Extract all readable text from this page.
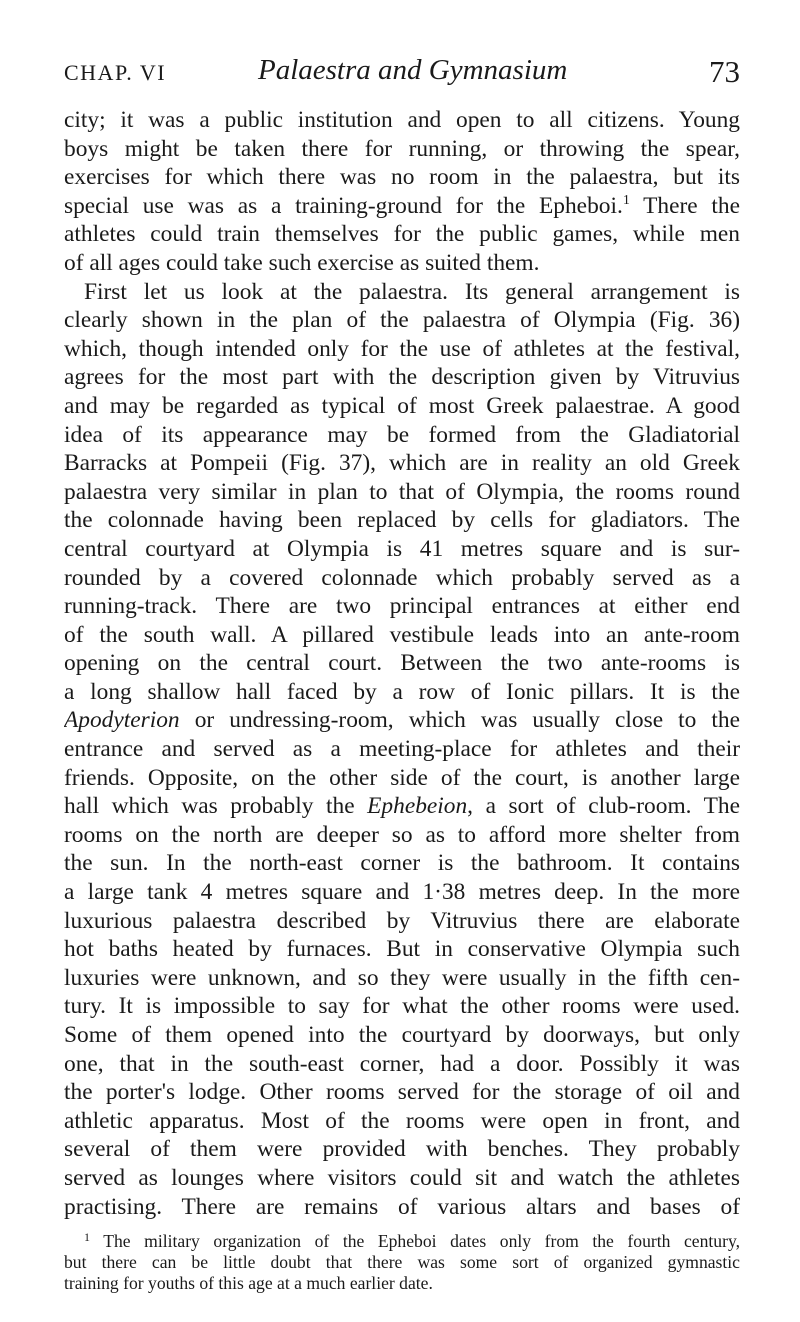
CHAP. VI	Palaestra and Gymnasium	73
city; it was a public institution and open to all citizens. Young
boys might be taken there for running, or throwing the spear,
exercises for which there was no room in the palaestra, but its
special use was as a training-ground for the Epheboi.$^1$ There the
athletes could train themselves for the public games, while men
of all ages could take such exercise as suited them.
First let us look at the palaestra. Its general arrangement is
clearly shown in the plan of the palaestra of Olympia (Fig. 36)
which, though intended only for the use of athletes at the festival,
agrees for the most part with the description given by Vitruvius
and may be regarded as typical of most Greek palaestrae. A good
idea of its appearance may be formed from the Gladiatorial
Barracks at Pompeii (Fig. 37), which are in reality an old Greek
palaestra very similar in plan to that of Olympia, the rooms round
the colonnade having been replaced by cells for gladiators. The
central courtyard at Olympia is 41 metres square and is sur-
rounded by a covered colonnade which probably served as a
running-track. There are two principal entrances at either end
of the south wall. A pillared vestibule leads into an ante-room
opening on the central court. Between the two ante-rooms is
a long shallow hall faced by a row of Ionic pillars. It is the
Apodyterion or undressing-room, which was usually close to the
entrance and served as a meeting-place for athletes and their
friends. Opposite, on the other side of the court, is another large
hall which was probably the Ephebeion, a sort of club-room. The
rooms on the north are deeper so as to afford more shelter from
the sun. In the north-east corner is the bathroom. It contains
a large tank 4 metres square and 1·38 metres deep. In the more
luxurious palaestra described by Vitruvius there are elaborate
hot baths heated by furnaces. But in conservative Olympia such
luxuries were unknown, and so they were usually in the fifth cen-
tury. It is impossible to say for what the other rooms were used.
Some of them opened into the courtyard by doorways, but only
one, that in the south-east corner, had a door. Possibly it was
the porter's lodge. Other rooms served for the storage of oil and
athletic apparatus. Most of the rooms were open in front, and
several of them were provided with benches. They probably
served as lounges where visitors could sit and watch the athletes
practising. There are remains of various altars and bases of
$^1$ The military organization of the Epheboi dates only from the fourth century,
but there can be little doubt that there was some sort of organized gymnastic
training for youths of this age at a much earlier date.
